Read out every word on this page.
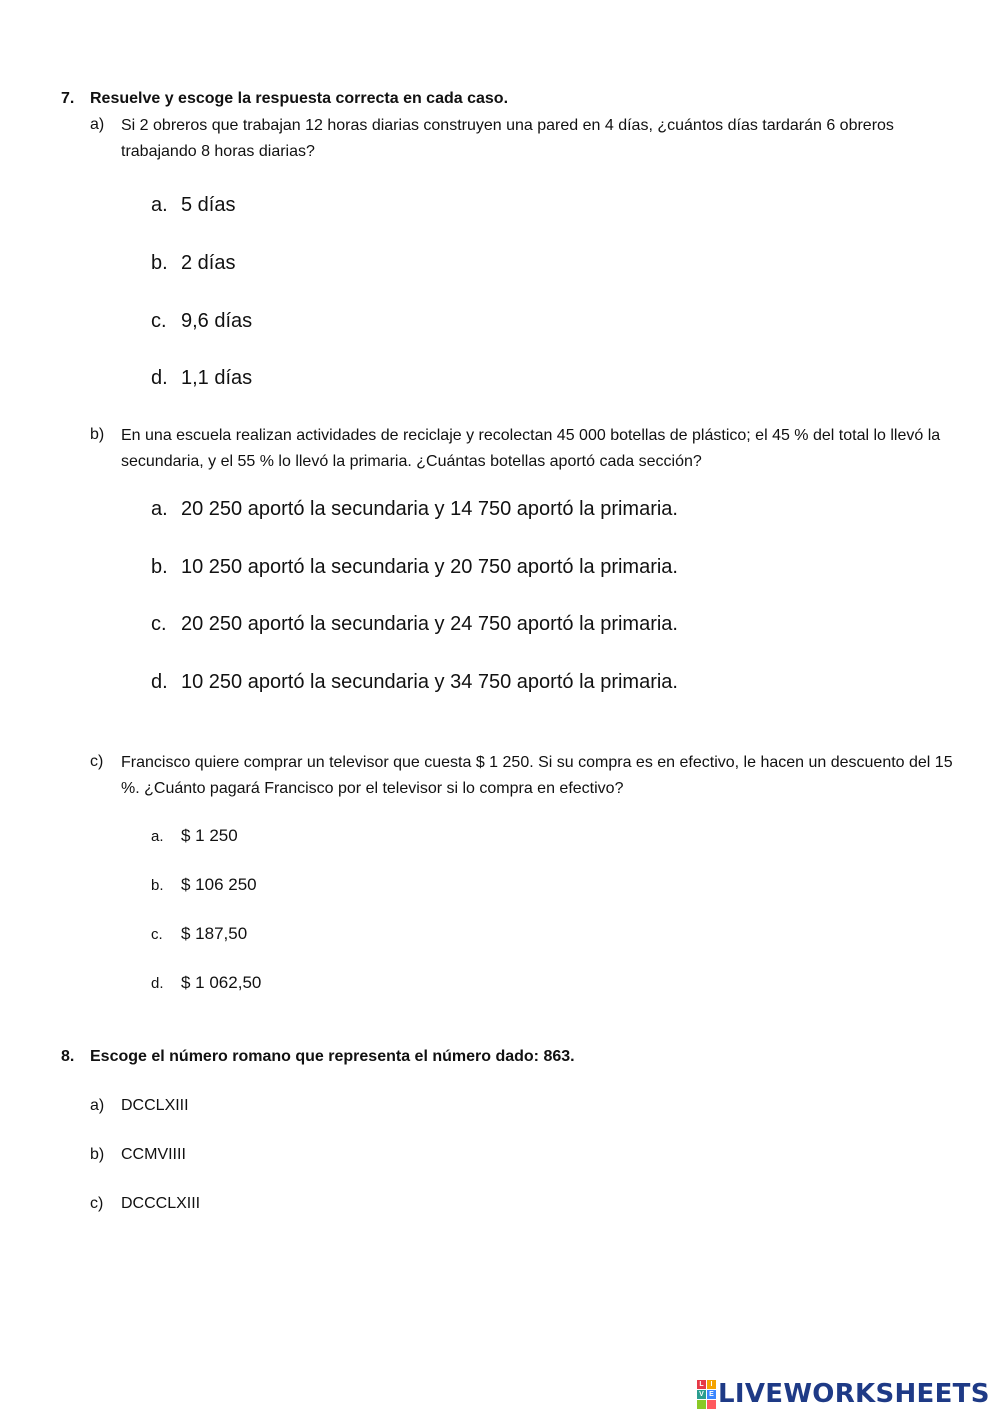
7. Resuelve y escoge la respuesta correcta en cada caso.
a) Si 2 obreros que trabajan 12 horas diarias construyen una pared en 4 días, ¿cuántos días tardarán 6 obreros trabajando 8 horas diarias?
a. 5 días
b. 2 días
c. 9,6 días
d. 1,1 días
b) En una escuela realizan actividades de reciclaje y recolectan 45 000 botellas de plástico; el 45 % del total lo llevó la secundaria, y el 55 % lo llevó la primaria. ¿Cuántas botellas aportó cada sección?
a. 20 250 aportó la secundaria y 14 750 aportó la primaria.
b. 10 250 aportó la secundaria y 20 750 aportó la primaria.
c. 20 250 aportó la secundaria y 24 750 aportó la primaria.
d. 10 250 aportó la secundaria y 34 750 aportó la primaria.
c) Francisco quiere comprar un televisor que cuesta $ 1 250. Si su compra es en efectivo, le hacen un descuento del 15 %. ¿Cuánto pagará Francisco por el televisor si lo compra en efectivo?
a. $ 1 250
b. $ 106 250
c. $ 187,50
d. $ 1 062,50
8. Escoge el número romano que representa el número dado: 863.
a) DCCLXIII
b) CCMVIIII
c) DCCCLXIII
L I
V E LIVEWORKSHEETS
